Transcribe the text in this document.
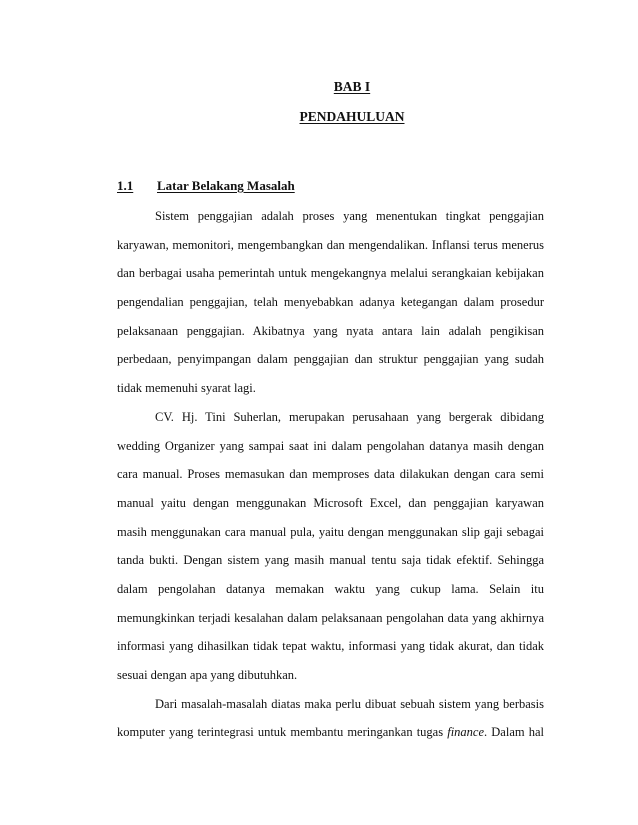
BAB I
PENDAHULUAN
1.1 Latar Belakang Masalah
Sistem penggajian adalah proses yang menentukan tingkat penggajian
karyawan, memonitori, mengembangkan dan mengendalikan. Inflansi terus menerus
dan berbagai usaha pemerintah untuk mengekangnya melalui serangkaian kebijakan
pengendalian penggajian, telah menyebabkan adanya ketegangan dalam prosedur
pelaksanaan penggajian. Akibatnya yang nyata antara lain adalah pengikisan
perbedaan, penyimpangan dalam penggajian dan struktur penggajian yang sudah
tidak memenuhi syarat lagi.
CV. Hj. Tini Suherlan, merupakan perusahaan yang bergerak dibidang
wedding Organizer yang sampai saat ini dalam pengolahan datanya masih dengan
cara manual. Proses memasukan dan memproses data dilakukan dengan cara semi
manual yaitu dengan menggunakan Microsoft Excel, dan penggajian karyawan
masih menggunakan cara manual pula, yaitu dengan menggunakan slip gaji sebagai
tanda bukti. Dengan sistem yang masih manual tentu saja tidak efektif. Sehingga
dalam pengolahan datanya memakan waktu yang cukup lama. Selain itu
memungkinkan terjadi kesalahan dalam pelaksanaan pengolahan data yang akhirnya
informasi yang dihasilkan tidak tepat waktu, informasi yang tidak akurat, dan tidak
sesuai dengan apa yang dibutuhkan.
Dari masalah-masalah diatas maka perlu dibuat sebuah sistem yang berbasis
komputer yang terintegrasi untuk membantu meringankan tugas finance. Dalam hal
